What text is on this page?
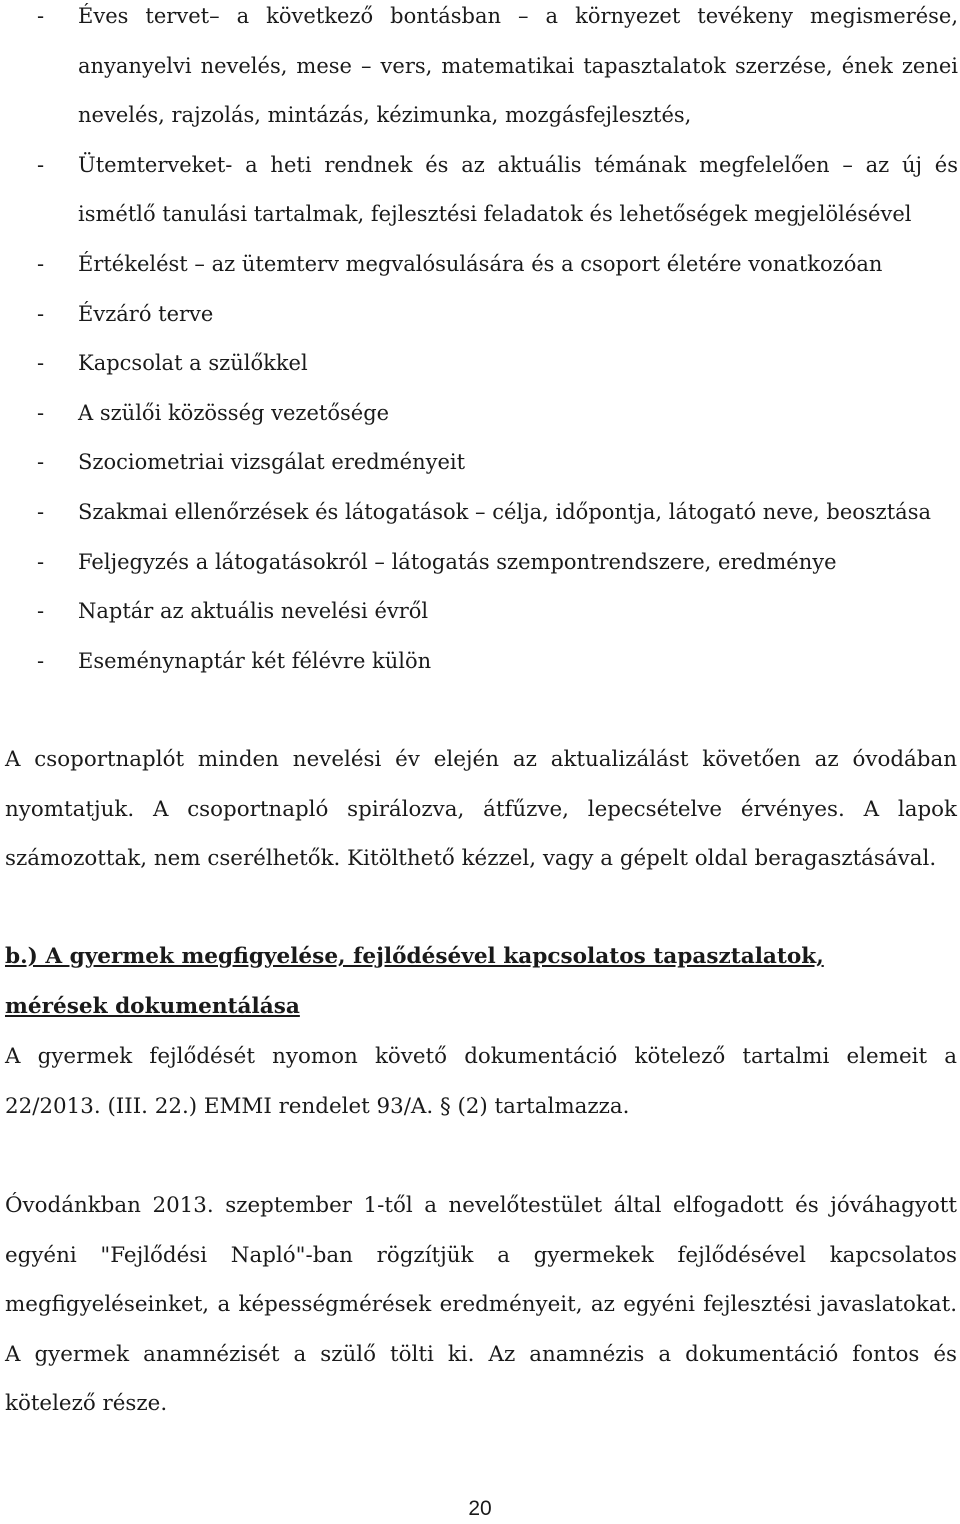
- Éves tervet– a következő bontásban – a környezet tevékeny megismerése, anyanyelvi nevelés, mese – vers, matematikai tapasztalatok szerzése, ének zenei nevelés, rajzolás, mintázás, kézimunka, mozgásfejlesztés,
- Ütemterveket- a heti rendnek és az aktuális témának megfelelően – az új és ismétlő tanulási tartalmak, fejlesztési feladatok és lehetőségek megjelölésével
- Értékelést – az ütemterv megvalósulására és a csoport életére vonatkozóan
- Évzáró terve
- Kapcsolat a szülőkkel
- A szülői közösség vezetősége
- Szociometriai vizsgálat eredményeit
- Szakmai ellenőrzések és látogatások – célja, időpontja, látogató neve, beosztása
- Feljegyzés a látogatásokról – látogatás szempontrendszere, eredménye
- Naptár az aktuális nevelési évről
- Eseménynaptár két félévre külön

A csoportnaplót minden nevelési év elején az aktualizálást követően az óvodában nyomtatjuk. A csoportnapló spirálozva, átfűzve, lepecsételve érvényes. A lapok számozottak, nem cserélhetők. Kitölthető kézzel, vagy a gépelt oldal beragasztásával.

b.) A gyermek megfigyelése, fejlődésével kapcsolatos tapasztalatok, mérések dokumentálása

A gyermek fejlődését nyomon követő dokumentáció kötelező tartalmi elemeit a 22/2013. (III. 22.) EMMI rendelet 93/A. § (2) tartalmazza.

Óvodánkban 2013. szeptember 1-től a nevelőtestület által elfogadott és jóváhagyott egyéni "Fejlődési Napló"-ban rögzítjük a gyermekek fejlődésével kapcsolatos megfigyeléseinket, a képességmérések eredményeit, az egyéni fejlesztési javaslatokat. A gyermek anamnézisét a szülő tölti ki. Az anamnézis a dokumentáció fontos és kötelező része.

20
